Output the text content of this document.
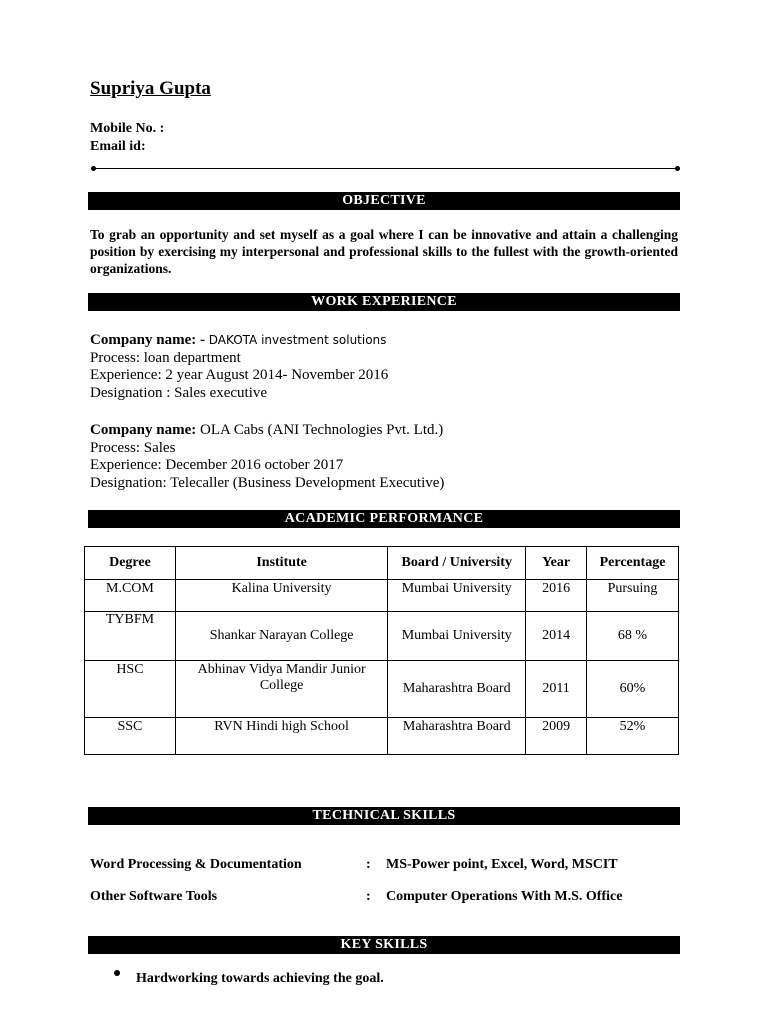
Supriya Gupta
Mobile No. :
Email id:
OBJECTIVE
To grab an opportunity and set myself as a goal where I can be innovative and attain a challenging position by exercising my interpersonal and professional skills to the fullest with the growth-oriented organizations.
WORK EXPERIENCE
Company name: - DAKOTA investment solutions
Process: loan department
Experience: 2 year August 2014- November 2016
Designation : Sales executive
Company name: OLA Cabs (ANI Technologies Pvt. Ltd.)
Process: Sales
Experience: December 2016 october 2017
Designation: Telecaller (Business Development Executive)
ACADEMIC PERFORMANCE
Degree	Institute	Board / University	Year	Percentage
M.COM	Kalina University	Mumbai University	2016	Pursuing
TYBFM	Shankar Narayan College	Mumbai University	2014	68 %
HSC	Abhinav Vidya Mandir Junior College	Maharashtra Board	2011	60%
SSC	RVN Hindi high School	Maharashtra Board	2009	52%
TECHNICAL SKILLS
Word Processing & Documentation	: MS-Power point, Excel, Word, MSCIT
Other Software Tools	: Computer Operations With M.S. Office
KEY SKILLS
Hardworking towards achieving the goal.
